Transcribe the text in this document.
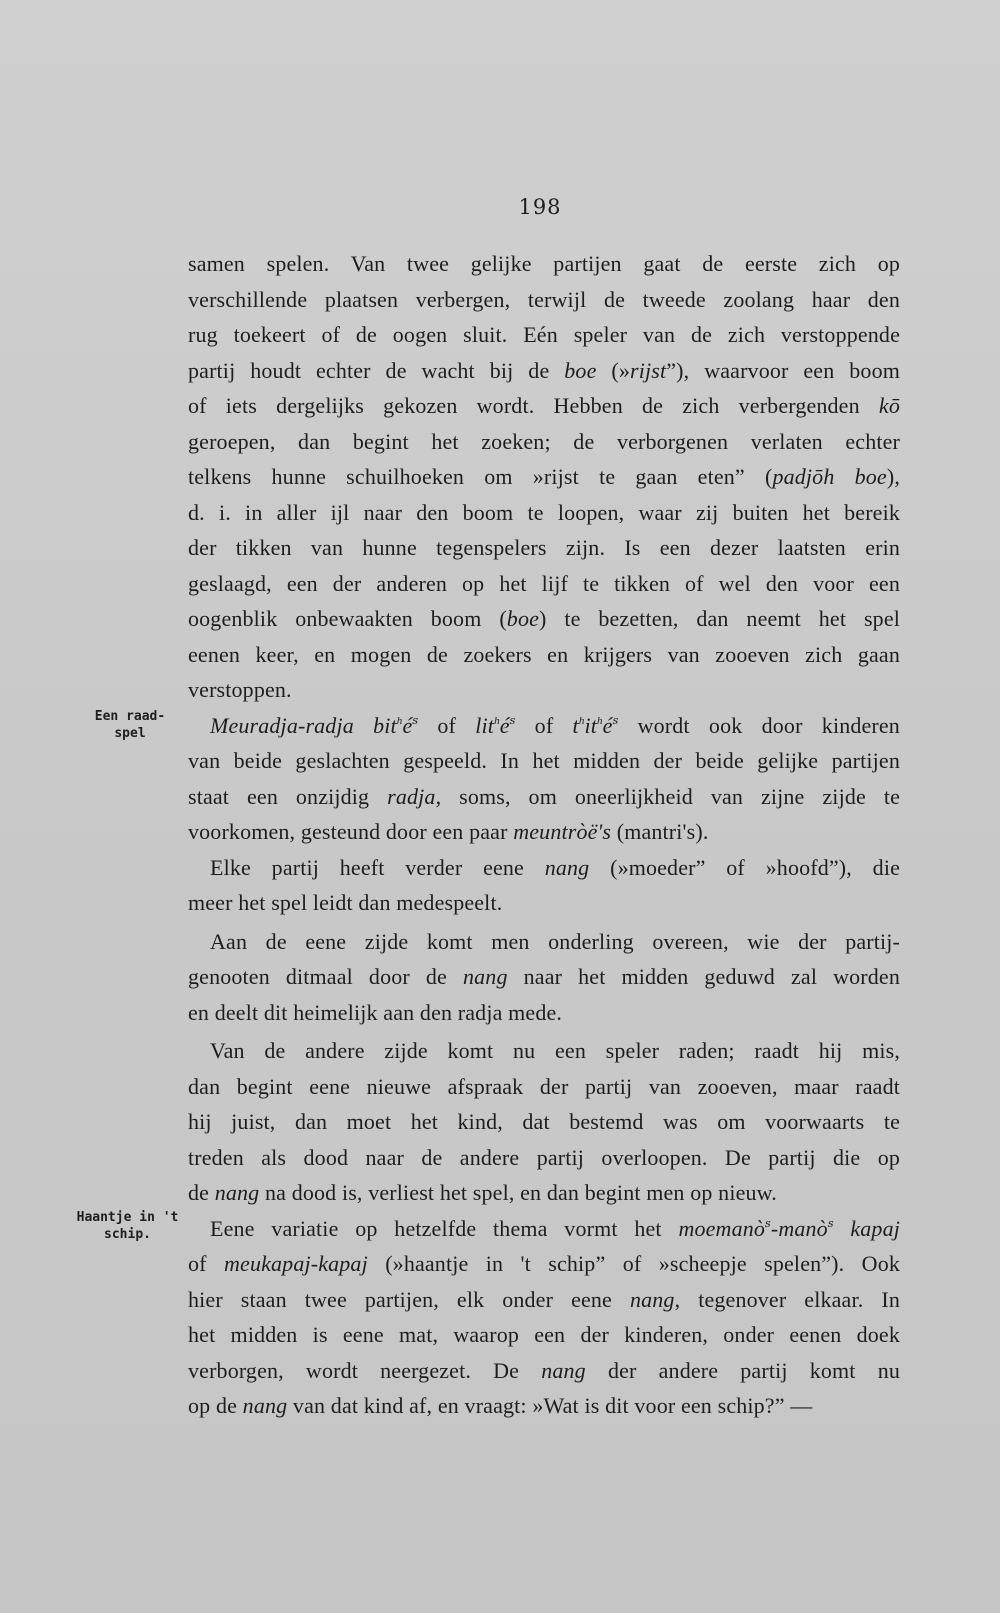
198
Een raad-
spel
Haantje in 't
schip.
samen spelen. Van twee gelijke partijen gaat de eerste zich op
verschillende plaatsen verbergen, terwijl de tweede zoolang haar den
rug toekeert of de oogen sluit. Eén speler van de zich verstoppende
partij houdt echter de wacht bij de boe (»rijst”), waarvoor een boom
of iets dergelijks gekozen wordt. Hebben de zich verbergenden kō
geroepen, dan begint het zoeken; de verborgenen verlaten echter
telkens hunne schuilhoeken om »rijst te gaan eten” (padjōh boe),
d. i. in aller ijl naar den boom te loopen, waar zij buiten het bereik
der tikken van hunne tegenspelers zijn. Is een dezer laatsten erin
geslaagd, een der anderen op het lijf te tikken of wel den voor een
oogenblik onbewaakten boom (boe) te bezetten, dan neemt het spel
eenen keer, en mogen de zoekers en krijgers van zooeven zich gaan
verstoppen.
Meuradja-radja $bit^hé^ꜱ$ of $lit^hé^ꜱ$ of $t^hit^hé^ꜱ$ wordt ook door kinderen
van beide geslachten gespeeld. In het midden der beide gelijke partijen
staat een onzijdig radja, soms, om oneerlijkheid van zijne zijde te
voorkomen, gesteund door een paar meuntròë's (mantri's).
Elke partij heeft verder eene nang (»moeder” of »hoofd”), die
meer het spel leidt dan medespeelt.
Aan de eene zijde komt men onderling overeen, wie der partij-
genooten ditmaal door de nang naar het midden geduwd zal worden
en deelt dit heimelijk aan den radja mede.
Van de andere zijde komt nu een speler raden; raadt hij mis,
dan begint eene nieuwe afspraak der partij van zooeven, maar raadt
hij juist, dan moet het kind, dat bestemd was om voorwaarts te
treden als dood naar de andere partij overloopen. De partij die op
de nang na dood is, verliest het spel, en dan begint men op nieuw.
Eene variatie op hetzelfde thema vormt het moemanò$^ꜱ$-manò$^ꜱ$ kapaj
of meukapaj-kapaj (»haantje in 't schip” of »scheepje spelen”). Ook
hier staan twee partijen, elk onder eene nang, tegenover elkaar. In
het midden is eene mat, waarop een der kinderen, onder eenen doek
verborgen, wordt neergezet. De nang der andere partij komt nu
op de nang van dat kind af, en vraagt: »Wat is dit voor een schip?” —
